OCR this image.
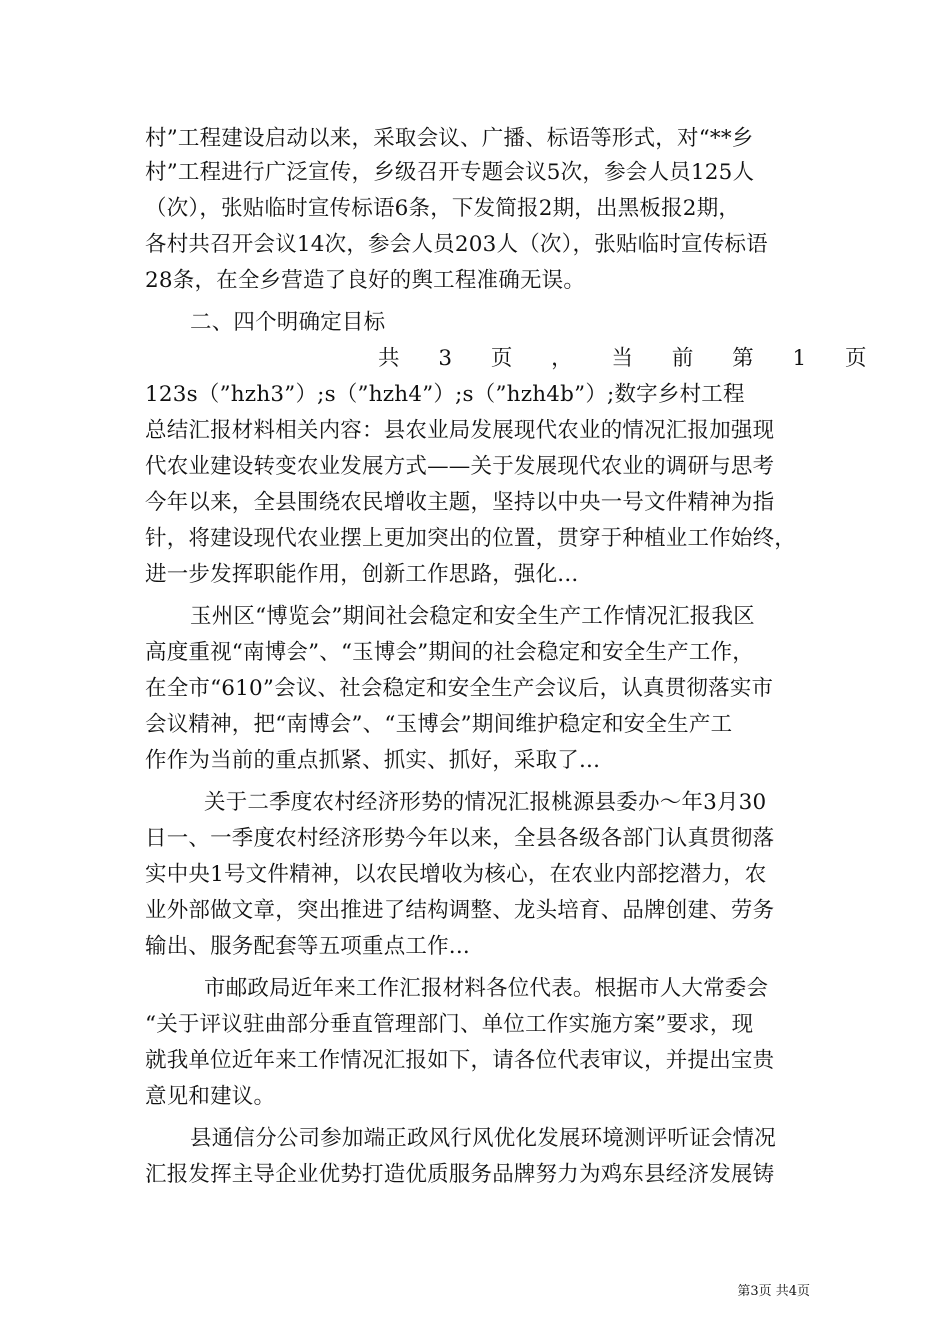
村”工程建设启动以来，采取会议、广播、标语等形式，对“**乡
村”工程进行广泛宣传，乡级召开专题会议5次，参会人员125人
（次），张贴临时宣传标语6条，下发简报2期，出黑板报2期，
各村共召开会议14次，参会人员203人（次），张贴临时宣传标语
28条，在全乡营造了良好的舆工程准确无误。
二、四个明确定目标
共 3 页 ， 当 前 第 1 页
123s（”hzh3”）;s（”hzh4”）;s（”hzh4b”）;数字乡村工程
总结汇报材料相关内容：县农业局发展现代农业的情况汇报加强现
代农业建设转变农业发展方式——关于发展现代农业的调研与思考
今年以来，全县围绕农民增收主题，坚持以中央一号文件精神为指
针，将建设现代农业摆上更加突出的位置，贯穿于种植业工作始终，
进一步发挥职能作用，创新工作思路，强化...
玉州区“博览会”期间社会稳定和安全生产工作情况汇报我区
高度重视“南博会”、“玉博会”期间的社会稳定和安全生产工作，
在全市“610”会议、社会稳定和安全生产会议后，认真贯彻落实市
会议精神，把“南博会”、“玉博会”期间维护稳定和安全生产工
作作为当前的重点抓紧、抓实、抓好，采取了...
关于二季度农村经济形势的情况汇报桃源县委办～年3月30
日一、一季度农村经济形势今年以来，全县各级各部门认真贯彻落
实中央1号文件精神，以农民增收为核心，在农业内部挖潜力，农
业外部做文章，突出推进了结构调整、龙头培育、品牌创建、劳务
输出、服务配套等五项重点工作...
市邮政局近年来工作汇报材料各位代表。根据市人大常委会
“关于评议驻曲部分垂直管理部门、单位工作实施方案”要求，现
就我单位近年来工作情况汇报如下，请各位代表审议，并提出宝贵
意见和建议。
县通信分公司参加端正政风行风优化发展环境测评听证会情况
汇报发挥主导企业优势打造优质服务品牌努力为鸡东县经济发展铸
第3页 共4页
